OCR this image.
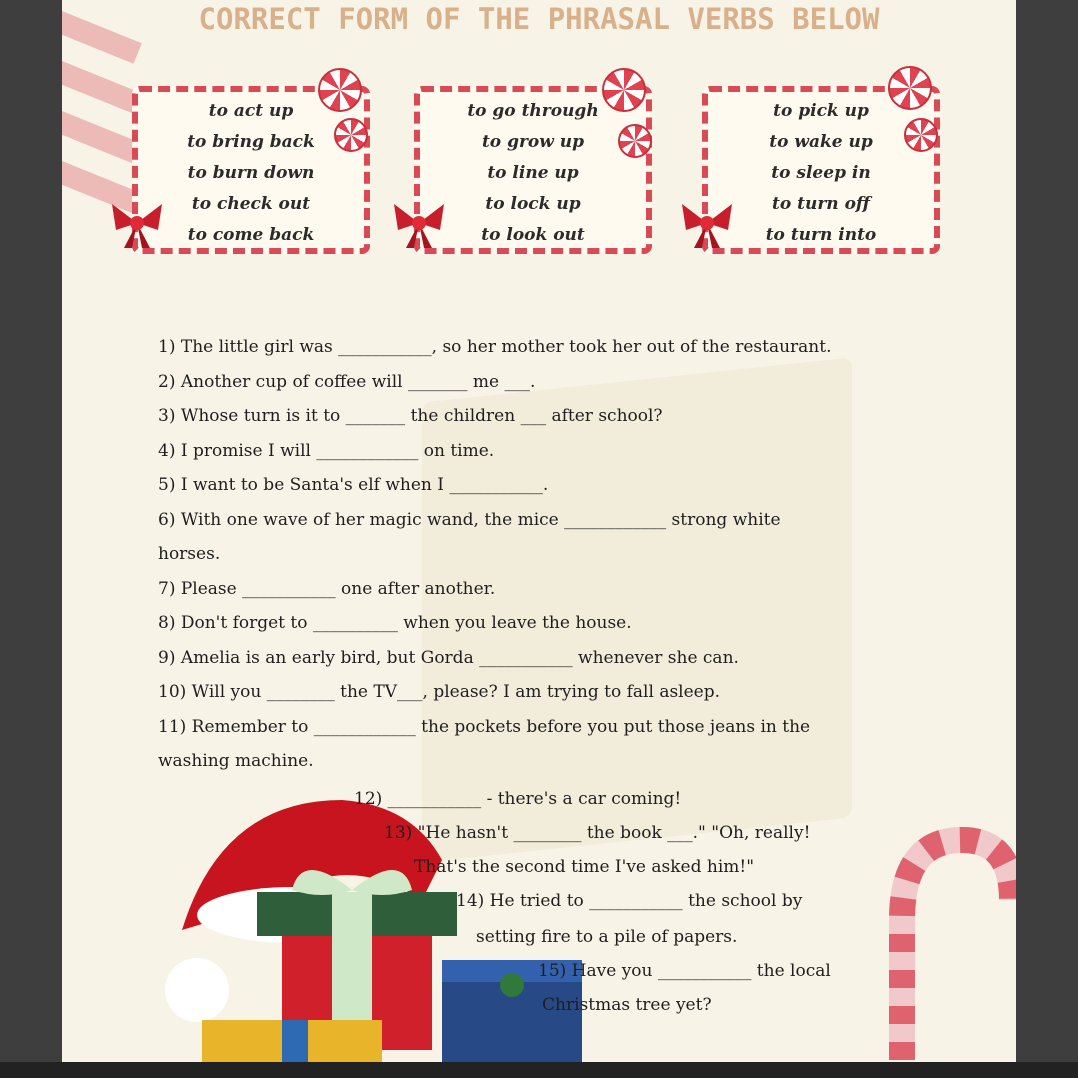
CORRECT FORM OF THE PHRASAL VERBS BELOW
to act up
to bring back
to burn down
to check out
to come back
to go through
to grow up
to line up
to lock up
to look out
to pick up
to wake up
to sleep in
to turn off
to turn into
1) The little girl was ___________, so her mother took her out of the restaurant.
2) Another cup of coffee will _______ me ___.
3) Whose turn is it to _______ the children ___ after school?
4) I promise I will ____________ on time.
5) I want to be Santa's elf when I ___________.
6) With one wave of her magic wand, the mice ____________ strong white
horses.
7) Please ___________ one after another.
8) Don't forget to __________ when you leave the house.
9) Amelia is an early bird, but Gorda ___________ whenever she can.
10) Will you ________ the TV___, please? I am trying to fall asleep.
11) Remember to ____________ the pockets before you put those jeans in the
washing machine.
12) ___________ - there's a car coming!
13) "He hasn't ________ the book ___." "Oh, really!
That's the second time I've asked him!"
14) He tried to ___________ the school by
setting fire to a pile of papers.
15) Have you ___________ the local
Christmas tree yet?
